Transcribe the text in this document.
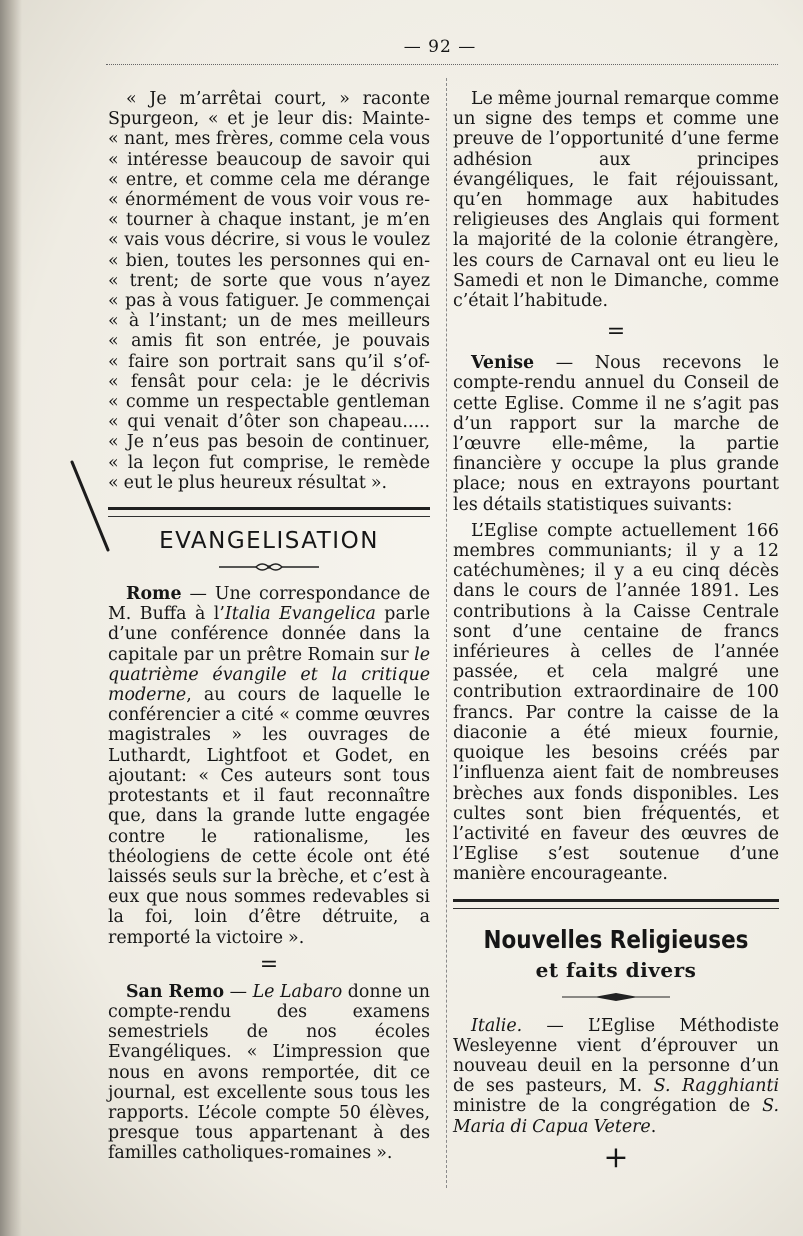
— 92 —
« Je m’arrêtai court, » raconte
Spurgeon, « et je leur dis: Mainte-
« nant, mes frères, comme cela vous
« intéresse beaucoup de savoir qui
« entre, et comme cela me dérange
« énormément de vous voir vous re-
« tourner à chaque instant, je m’en
« vais vous décrire, si vous le voulez
« bien, toutes les personnes qui en-
« trent; de sorte que vous n’ayez
« pas à vous fatiguer. Je commençai
« à l’instant; un de mes meilleurs
« amis fit son entrée, je pouvais
« faire son portrait sans qu’il s’of-
« fensât pour cela: je le décrivis
« comme un respectable gentleman
« qui venait d’ôter son chapeau.....
« Je n’eus pas besoin de continuer,
« la leçon fut comprise, le remède
« eut le plus heureux résultat ».
EVANGELISATION

Rome — Une correspondance de M. Buffa à l’Italia Evangelica parle d’une conférence donnée dans la capitale par un prêtre Romain sur le quatrième évangile et la critique moderne, au cours de laquelle le conférencier a cité « comme œuvres magistrales » les ouvrages de Luthardt, Lightfoot et Godet, en ajoutant: « Ces auteurs sont tous protestants et il faut reconnaître que, dans la grande lutte engagée contre le rationalisme, les théologiens de cette école ont été laissés seuls sur la brèche, et c’est à eux que nous sommes redevables si la foi, loin d’être détruite, a remporté la victoire ».

=

San Remo — Le Labaro donne un compte-rendu des examens semestriels de nos écoles Evangéliques. « L’impression que nous en avons remportée, dit ce journal, est excellente sous tous les rapports. L’école compte 50 élèves, presque tous appartenant à des familles catholiques-romaines ».

Le même journal remarque comme un signe des temps et comme une preuve de l’opportunité d’une ferme adhésion aux principes évangéliques, le fait réjouissant, qu’en hommage aux habitudes religieuses des Anglais qui forment la majorité de la colonie étrangère, les cours de Carnaval ont eu lieu le Samedi et non le Dimanche, comme c’était l’habitude.

=

Venise — Nous recevons le compte-rendu annuel du Conseil de cette Eglise. Comme il ne s’agit pas d’un rapport sur la marche de l’œuvre elle-même, la partie financière y occupe la plus grande place; nous en extrayons pourtant les détails statistiques suivants:

L’Eglise compte actuellement 166 membres communiants; il y a 12 catéchumènes; il y a eu cinq décès dans le cours de l’année 1891. Les contributions à la Caisse Centrale sont d’une centaine de francs inférieures à celles de l’année passée, et cela malgré une contribution extraordinaire de 100 francs. Par contre la caisse de la diaconie a été mieux fournie, quoique les besoins créés par l’influenza aient fait de nombreuses brèches aux fonds disponibles. Les cultes sont bien fréquentés, et l’activité en faveur des œuvres de l’Eglise s’est soutenue d’une manière encourageante.

Nouvelles Religieuses
et faits divers

Italie. — L’Eglise Méthodiste Wesleyenne vient d’éprouver un nouveau deuil en la personne d’un de ses pasteurs, M. S. Ragghianti ministre de la congrégation de S. Maria di Capua Vetere.

+
